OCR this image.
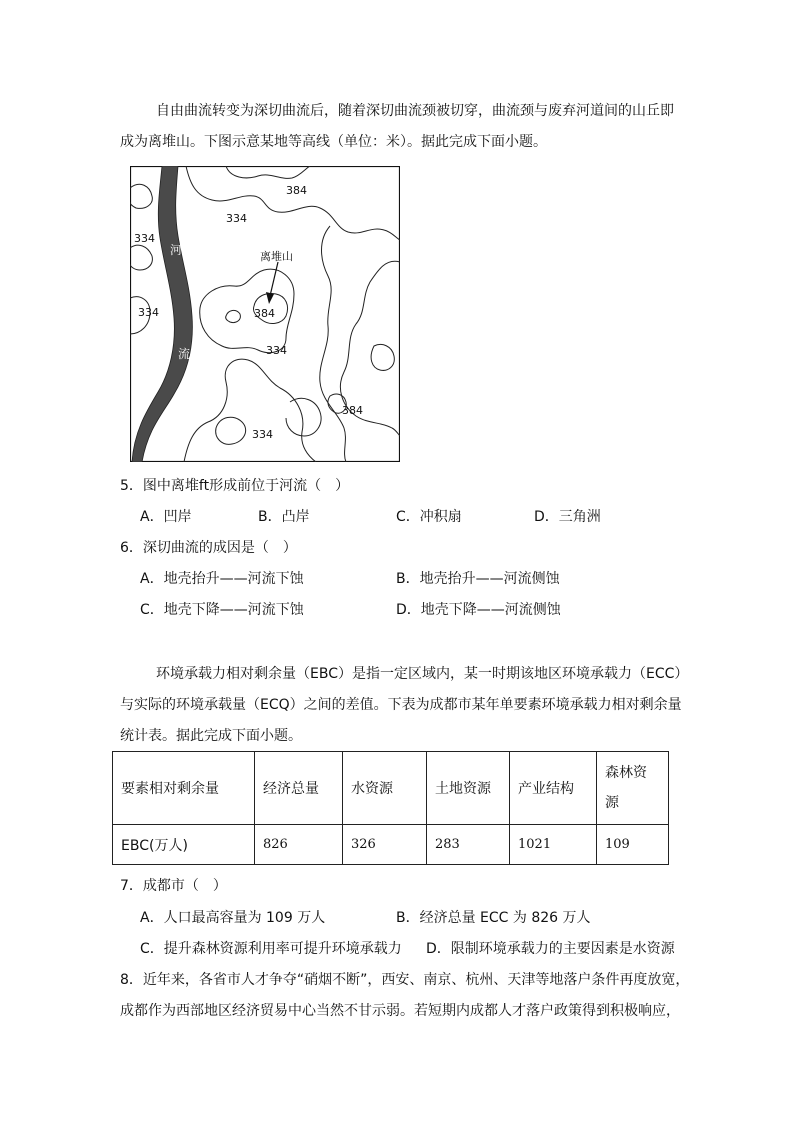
自由曲流转变为深切曲流后，随着深切曲流颈被切穿，曲流颈与废弃河道间的山丘即
成为离堆山。下图示意某地等高线（单位：米）。据此完成下面小题。
384
334
334
河	离堆山
334	384
334
流
384
334
5．图中离堆ft形成前位于河流（　）
A．凹岸	B．凸岸	C．冲积扇	D．三角洲
6．深切曲流的成因是（　）
A．地壳抬升——河流下蚀	B．地壳抬升——河流侧蚀
C．地壳下降——河流下蚀	D．地壳下降——河流侧蚀
环境承载力相对剩余量（EBC）是指一定区域内，某一时期该地区环境承载力（ECC）
与实际的环境承载量（ECQ）之间的差值。下表为成都市某年单要素环境承载力相对剩余量
统计表。据此完成下面小题。
要素相对剩余量	经济总量	水资源	土地资源	产业结构	森林资
源
EBC(万人)	826	326	283	1021	109
7．成都市（　）
A．人口最高容量为 109 万人	B．经济总量 ECC 为 826 万人
C．提升森林资源利用率可提升环境承载力 D．限制环境承载力的主要因素是水资源
8．近年来，各省市人才争夺“硝烟不断”，西安、南京、杭州、天津等地落户条件再度放宽，
成都作为西部地区经济贸易中心当然不甘示弱。若短期内成都人才落户政策得到积极响应，
